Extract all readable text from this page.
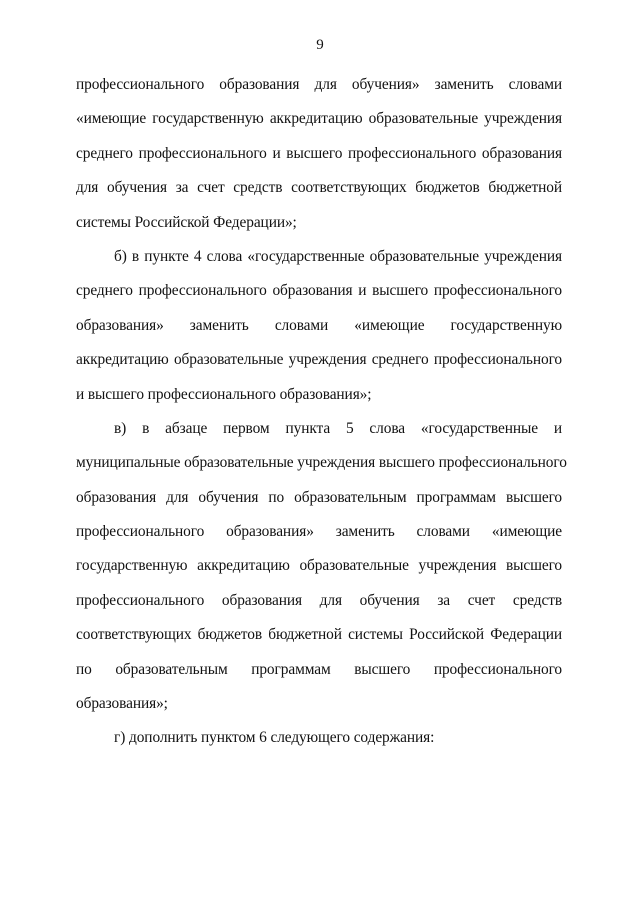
9
профессионального образования для обучения» заменить словами
«имеющие государственную аккредитацию образовательные учреждения
среднего профессионального и высшего профессионального образования
для обучения за счет средств соответствующих бюджетов бюджетной
системы Российской Федерации»;
б) в пункте 4 слова «государственные образовательные учреждения
среднего профессионального образования и высшего профессионального
образования» заменить словами «имеющие государственную
аккредитацию образовательные учреждения среднего профессионального
и высшего профессионального образования»;
в) в абзаце первом пункта 5 слова «государственные и
муниципальные образовательные учреждения высшего профессионального
образования для обучения по образовательным программам высшего
профессионального образования» заменить словами «имеющие
государственную аккредитацию образовательные учреждения высшего
профессионального образования для обучения за счет средств
соответствующих бюджетов бюджетной системы Российской Федерации
по образовательным программам высшего профессионального
образования»;
г) дополнить пунктом 6 следующего содержания:
